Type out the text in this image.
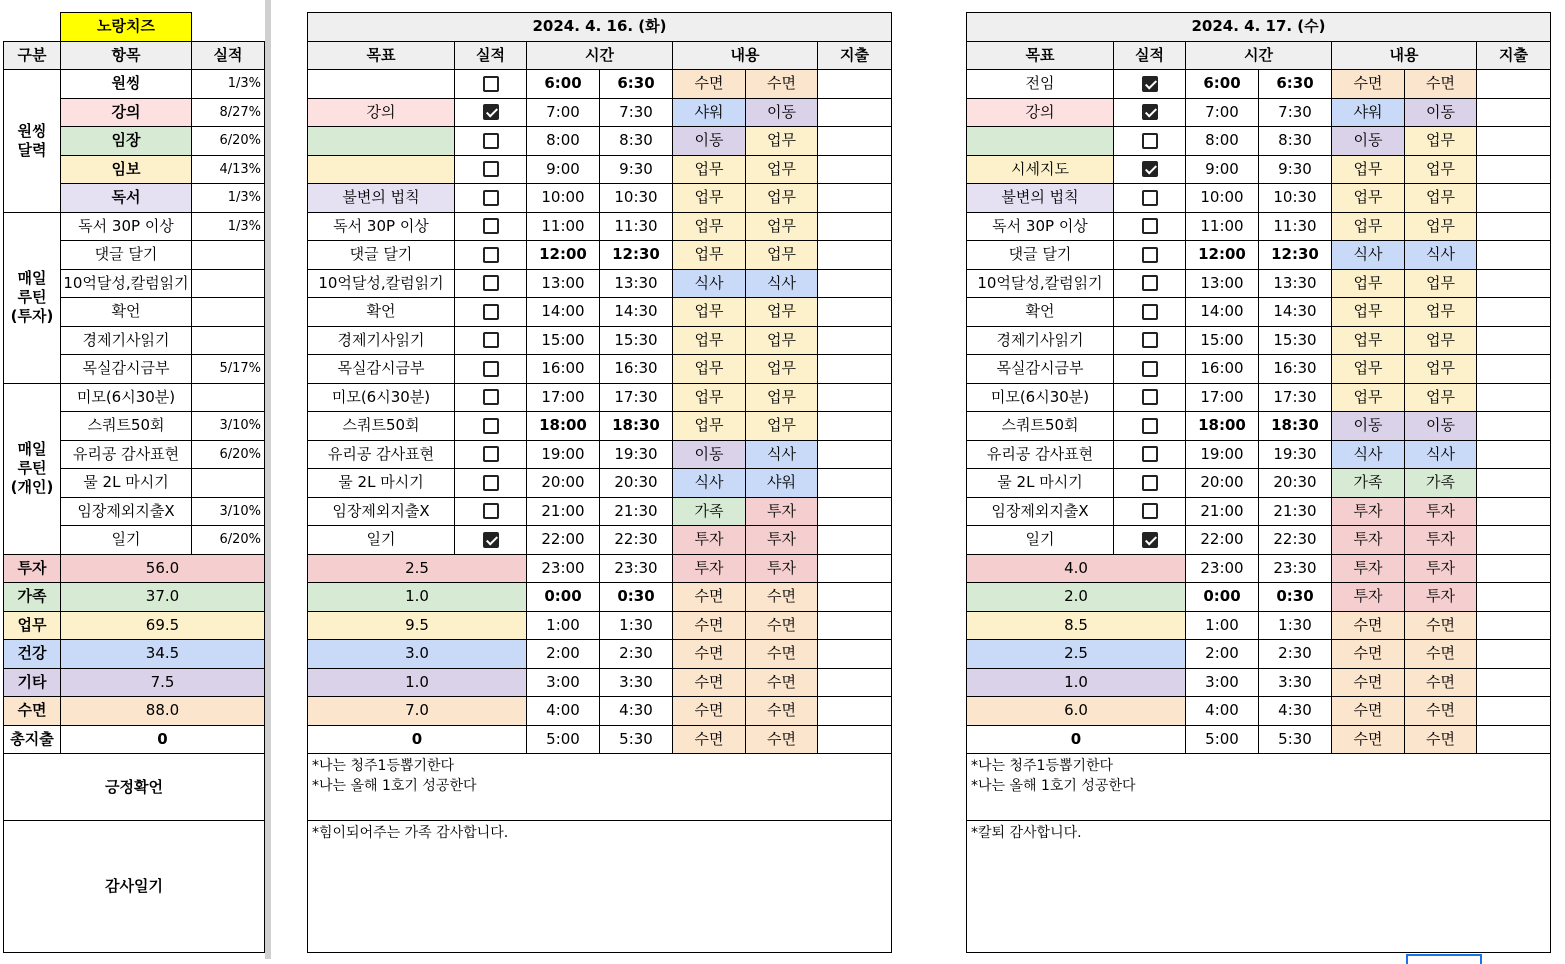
	노랑치즈	
구분	항목	실적
원씽
달력	원씽	1/3%
	강의	8/27%
	임장	6/20%
	임보	4/13%
	독서	1/3%
매일
루틴
(투자)	독서 30P 이상	1/3%
	댓글 달기	
	10억달성,칼럼읽기	
	확언	
	경제기사읽기	
	목실감시금부	5/17%
매일
루틴
(개인)	미모(6시30분)	
	스쿼트50회	3/10%
	유리공 감사표현	6/20%
	물 2L 마시기	
	임장제외지출X	3/10%
	일기	6/20%
투자	56.0	
가족	37.0	
업무	69.5	
건강	34.5	
기타	7.5	
수면	88.0	
총지출	0	
긍정확언		
감사일기		
2024. 4. 16. (화)						
목표	실적	시간		내용		지출
		6:00	6:30	수면	수면	
강의		7:00	7:30	샤워	이동	
		8:00	8:30	이동	업무	
		9:00	9:30	업무	업무	
불변의 법칙		10:00	10:30	업무	업무	
독서 30P 이상		11:00	11:30	업무	업무	
댓글 달기		12:00	12:30	업무	업무	
10억달성,칼럼읽기		13:00	13:30	식사	식사	
확언		14:00	14:30	업무	업무	
경제기사읽기		15:00	15:30	업무	업무	
목실감시금부		16:00	16:30	업무	업무	
미모(6시30분)		17:00	17:30	업무	업무	
스쿼트50회		18:00	18:30	업무	업무	
유리공 감사표현		19:00	19:30	이동	식사	
물 2L 마시기		20:00	20:30	식사	샤워	
임장제외지출X		21:00	21:30	가족	투자	
일기		22:00	22:30	투자	투자	
2.5		23:00	23:30	투자	투자	
1.0		0:00	0:30	수면	수면	
9.5		1:00	1:30	수면	수면	
3.0		2:00	2:30	수면	수면	
1.0		3:00	3:30	수면	수면	
7.0		4:00	4:30	수면	수면	
0		5:00	5:30	수면	수면	
*나는 청주1등뽑기한다
*나는 올해 1호기 성공한다						
*힘이되어주는 가족 감사합니다.						
2024. 4. 17. (수)						
목표	실적	시간		내용		지출
전임		6:00	6:30	수면	수면	
강의		7:00	7:30	샤워	이동	
		8:00	8:30	이동	업무	
시세지도		9:00	9:30	업무	업무	
불변의 법칙		10:00	10:30	업무	업무	
독서 30P 이상		11:00	11:30	업무	업무	
댓글 달기		12:00	12:30	식사	식사	
10억달성,칼럼읽기		13:00	13:30	업무	업무	
확언		14:00	14:30	업무	업무	
경제기사읽기		15:00	15:30	업무	업무	
목실감시금부		16:00	16:30	업무	업무	
미모(6시30분)		17:00	17:30	업무	업무	
스쿼트50회		18:00	18:30	이동	이동	
유리공 감사표현		19:00	19:30	식사	식사	
물 2L 마시기		20:00	20:30	가족	가족	
임장제외지출X		21:00	21:30	투자	투자	
일기		22:00	22:30	투자	투자	
4.0		23:00	23:30	투자	투자	
2.0		0:00	0:30	투자	투자	
8.5		1:00	1:30	수면	수면	
2.5		2:00	2:30	수면	수면	
1.0		3:00	3:30	수면	수면	
6.0		4:00	4:30	수면	수면	
0		5:00	5:30	수면	수면	
*나는 청주1등뽑기한다
*나는 올해 1호기 성공한다						
*칼퇴 감사합니다.						
